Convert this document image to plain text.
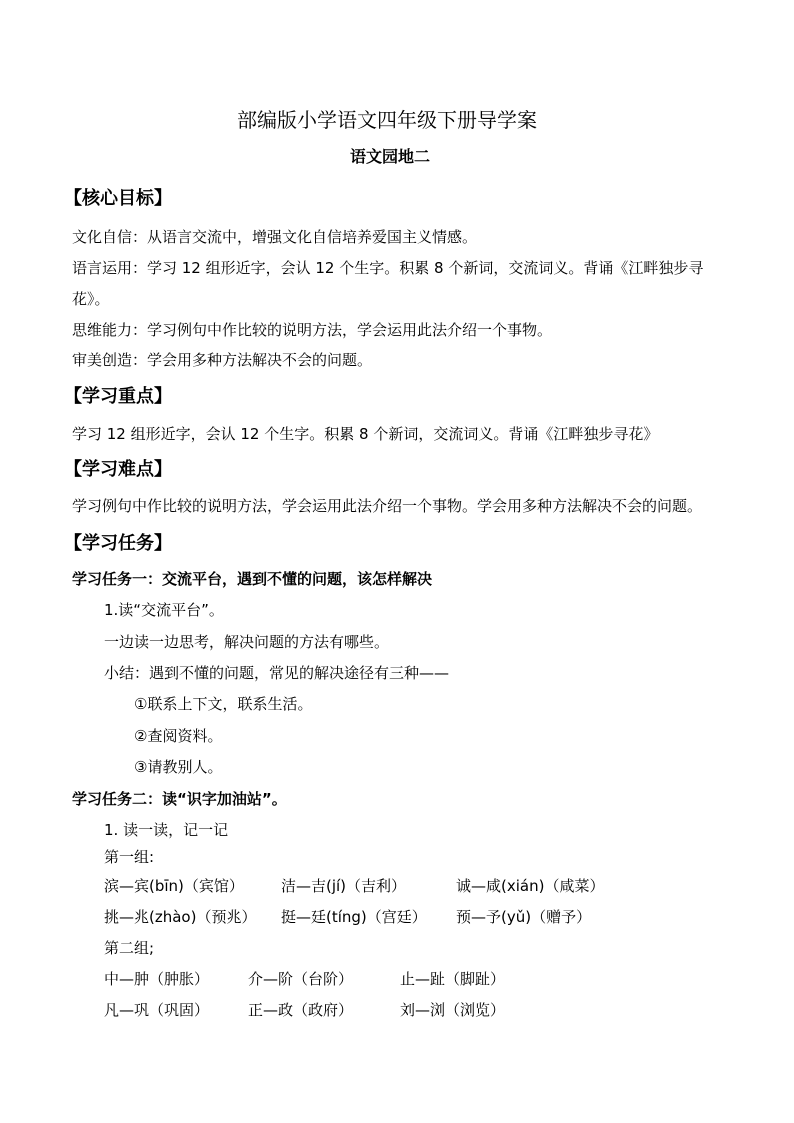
部编版小学语文四年级下册导学案
语文园地二
【核心目标】
文化自信：从语言交流中，增强文化自信培养爱国主义情感。
语言运用：学习 12 组形近字，会认 12 个生字。积累 8 个新词，交流词义。背诵《江畔独步寻
花》。
思维能力：学习例句中作比较的说明方法，学会运用此法介绍一个事物。
审美创造：学会用多种方法解决不会的问题。
【学习重点】
学习 12 组形近字，会认 12 个生字。积累 8 个新词，交流词义。背诵《江畔独步寻花》
【学习难点】
学习例句中作比较的说明方法，学会运用此法介绍一个事物。学会用多种方法解决不会的问题。
【学习任务】
学习任务一：交流平台，遇到不懂的问题，该怎样解决
1.读“交流平台”。
一边读一边思考，解决问题的方法有哪些。
小结：遇到不懂的问题，常见的解决途径有三种——
①联系上下文，联系生活。
②查阅资料。
③请教别人。
学习任务二：读“识字加油站”。
1. 读一读，记一记
第一组:
滨—宾(bīn)（宾馆） 洁—吉(jí)（吉利）	诚—咸(xián)（咸菜）
挑—兆(zhào)（预兆） 挺—廷(tíng)（宫廷） 预—予(yǔ)（赠予）
第二组;
中—肿（肿胀）	介—阶（台阶）	止—趾（脚趾）
凡—巩（巩固）	正—政（政府）	刘—浏（浏览）
